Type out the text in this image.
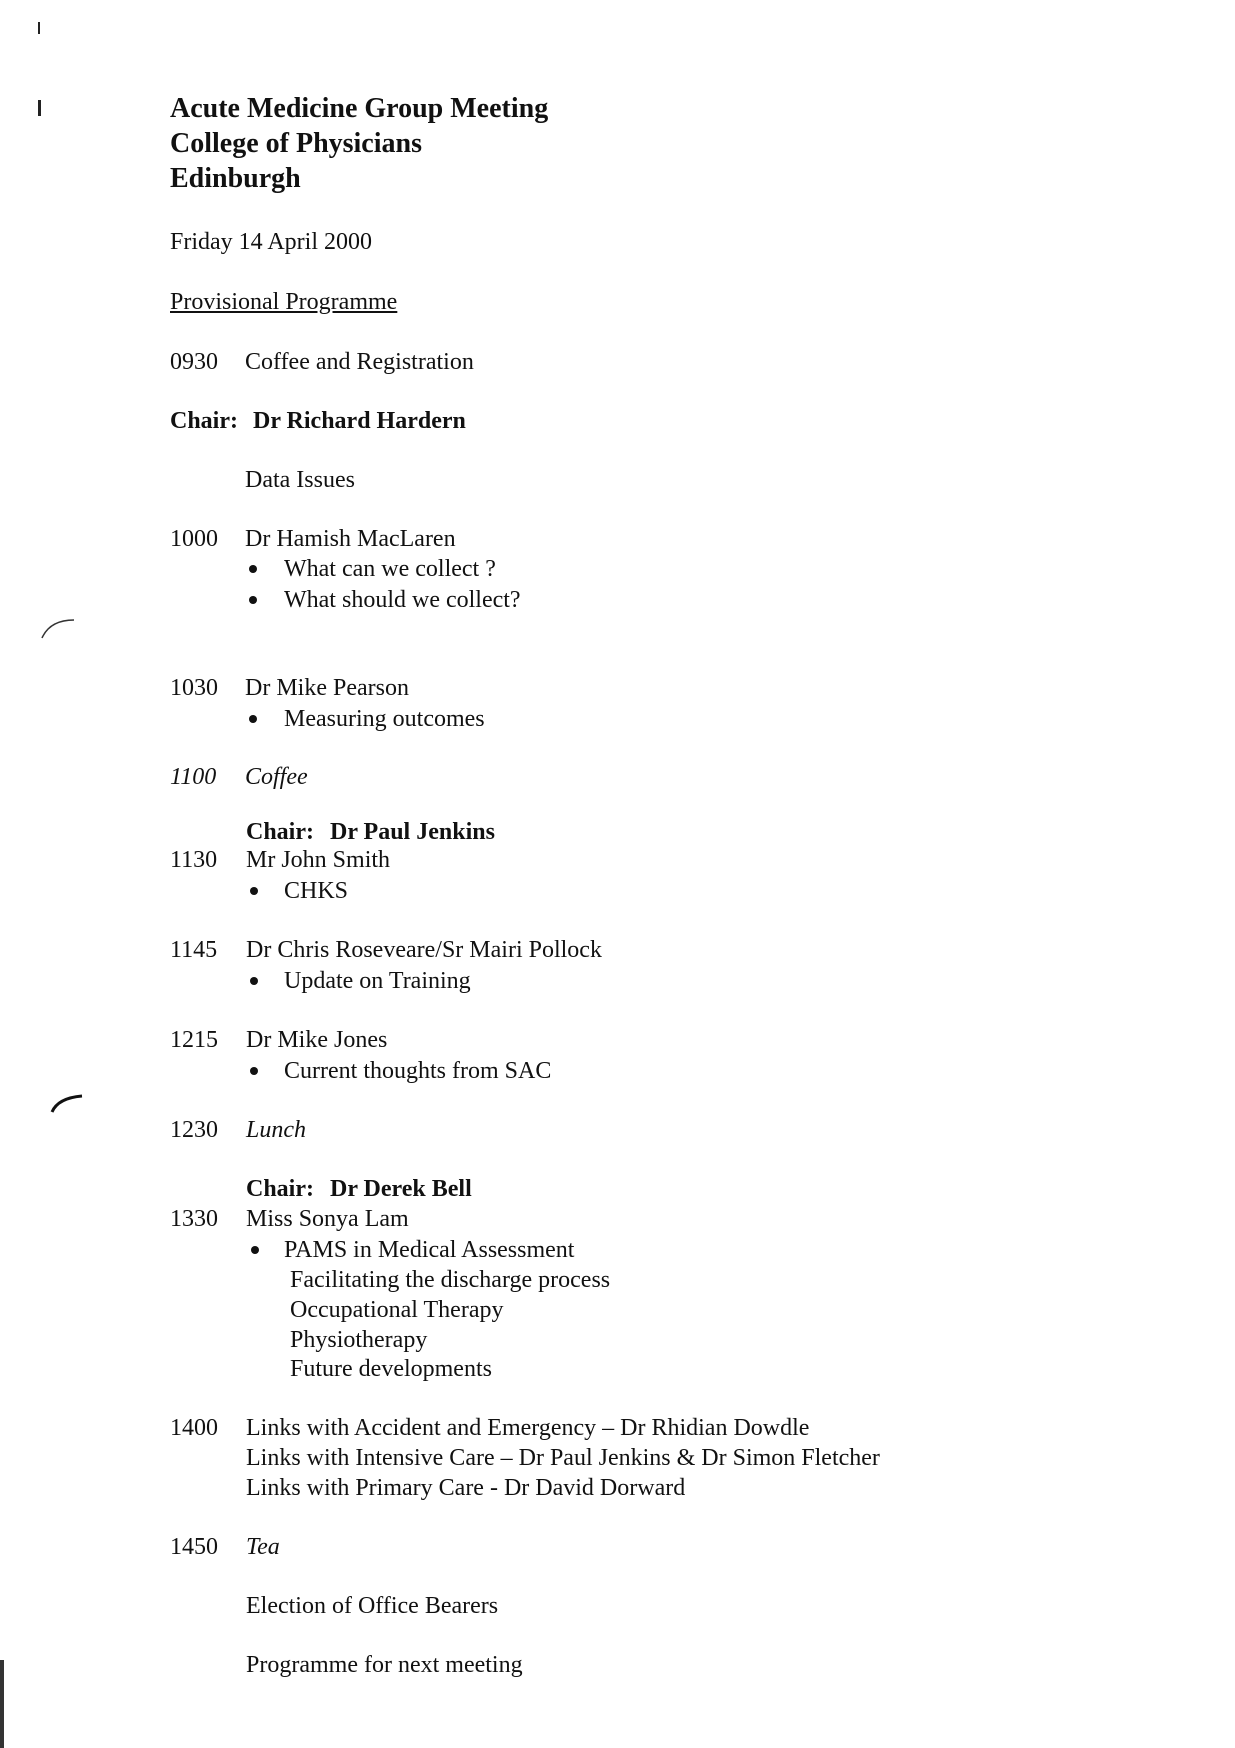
Acute Medicine Group Meeting
College of Physicians
Edinburgh
Friday 14 April 2000
Provisional Programme
0930 Coffee and Registration
Chair: Dr Richard Hardern
Data Issues
1000 Dr Hamish MacLaren
What can we collect ?
What should we collect?
1030 Dr Mike Pearson
Measuring outcomes
1100 Coffee
Chair: Dr Paul Jenkins
1130 Mr John Smith
CHKS
1145 Dr Chris Roseveare/Sr Mairi Pollock
Update on Training
1215 Dr Mike Jones
Current thoughts from SAC
1230 Lunch
Chair: Dr Derek Bell
1330 Miss Sonya Lam
PAMS in Medical Assessment
Facilitating the discharge process
Occupational Therapy
Physiotherapy
Future developments
1400 Links with Accident and Emergency – Dr Rhidian Dowdle
Links with Intensive Care – Dr Paul Jenkins & Dr Simon Fletcher
Links with Primary Care - Dr David Dorward
1450 Tea
Election of Office Bearers
Programme for next meeting
